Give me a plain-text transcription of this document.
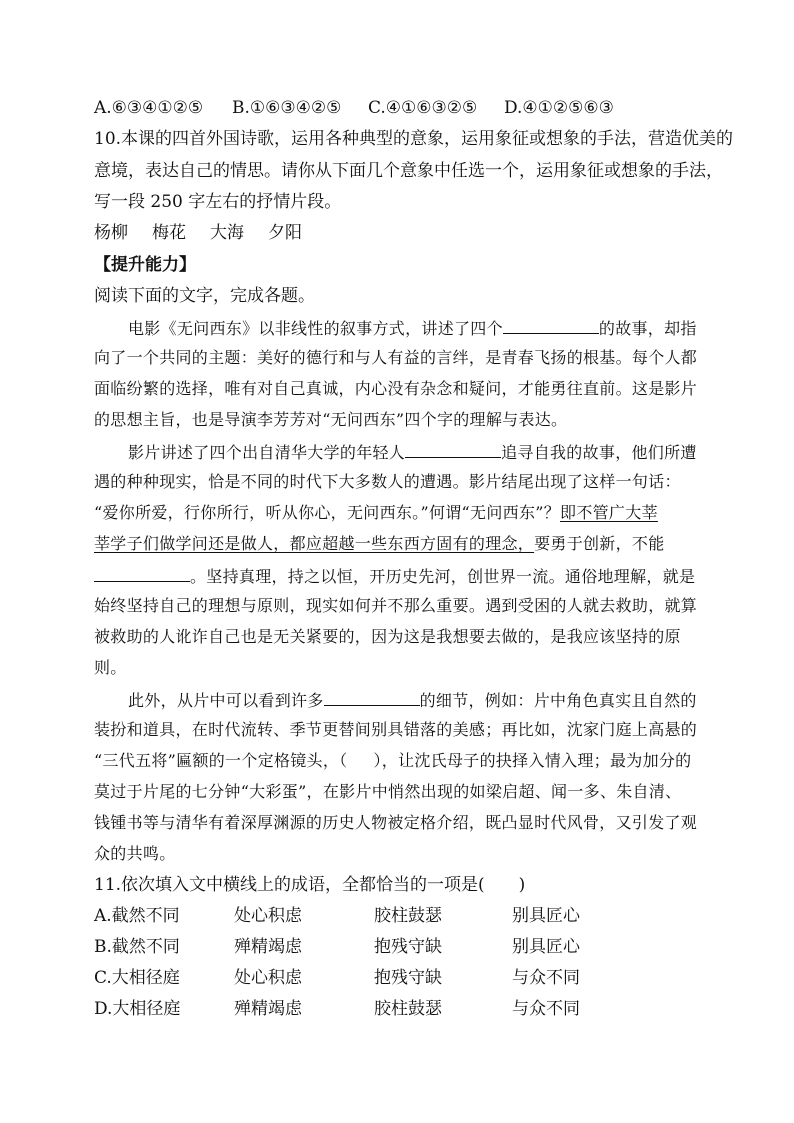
A.⑥③④①②⑤ B.①⑥③④②⑤ C.④①⑥③②⑤ D.④①②⑤⑥③
10.本课的四首外国诗歌，运用各种典型的意象，运用象征或想象的手法，营造优美的
意境，表达自己的情思。请你从下面几个意象中任选一个，运用象征或想象的手法，
写一段 250 字左右的抒情片段。
杨柳 梅花 大海 夕阳
【提升能力】
阅读下面的文字，完成各题。
电影《无问西东》以非线性的叙事方式，讲述了四个	的故事，却指
向了一个共同的主题：美好的德行和与人有益的言绊，是青春飞扬的根基。每个人都
面临纷繁的选择，唯有对自己真诚，内心没有杂念和疑问，才能勇往直前。这是影片
的思想主旨，也是导演李芳芳对“无问西东”四个字的理解与表达。
影片讲述了四个出自清华大学的年轻人	追寻自我的故事，他们所遭
遇的种种现实，恰是不同的时代下大多数人的遭遇。影片结尾出现了这样一句话：
“爱你所爱，行你所行，听从你心，无问西东。”何谓“无问西东”？即不管广大莘
莘学子们做学问还是做人，都应超越一些东西方固有的理念，要勇于创新，不能
。坚持真理，持之以恒，开历史先河，创世界一流。通俗地理解，就是
始终坚持自己的理想与原则，现实如何并不那么重要。遇到受困的人就去救助，就算
被救助的人讹诈自己也是无关紧要的，因为这是我想要去做的，是我应该坚持的原
则。
此外，从片中可以看到许多	的细节，例如：片中角色真实且自然的
装扮和道具，在时代流转、季节更替间别具错落的美感；再比如，沈家门庭上高悬的
“三代五将”匾额的一个定格镜头，（ ），让沈氏母子的抉择入情入理；最为加分的
莫过于片尾的七分钟“大彩蛋”，在影片中悄然出现的如梁启超、闻一多、朱自清、
钱锺书等与清华有着深厚渊源的历史人物被定格介绍，既凸显时代风骨，又引发了观
众的共鸣。
11.依次填入文中横线上的成语，全都恰当的一项是(　　)
A.截然不同	处心积虑	胶柱鼓瑟	别具匠心
B.截然不同	殚精竭虑	抱残守缺	别具匠心
C.大相径庭	处心积虑	抱残守缺	与众不同
D.大相径庭	殚精竭虑	胶柱鼓瑟	与众不同
